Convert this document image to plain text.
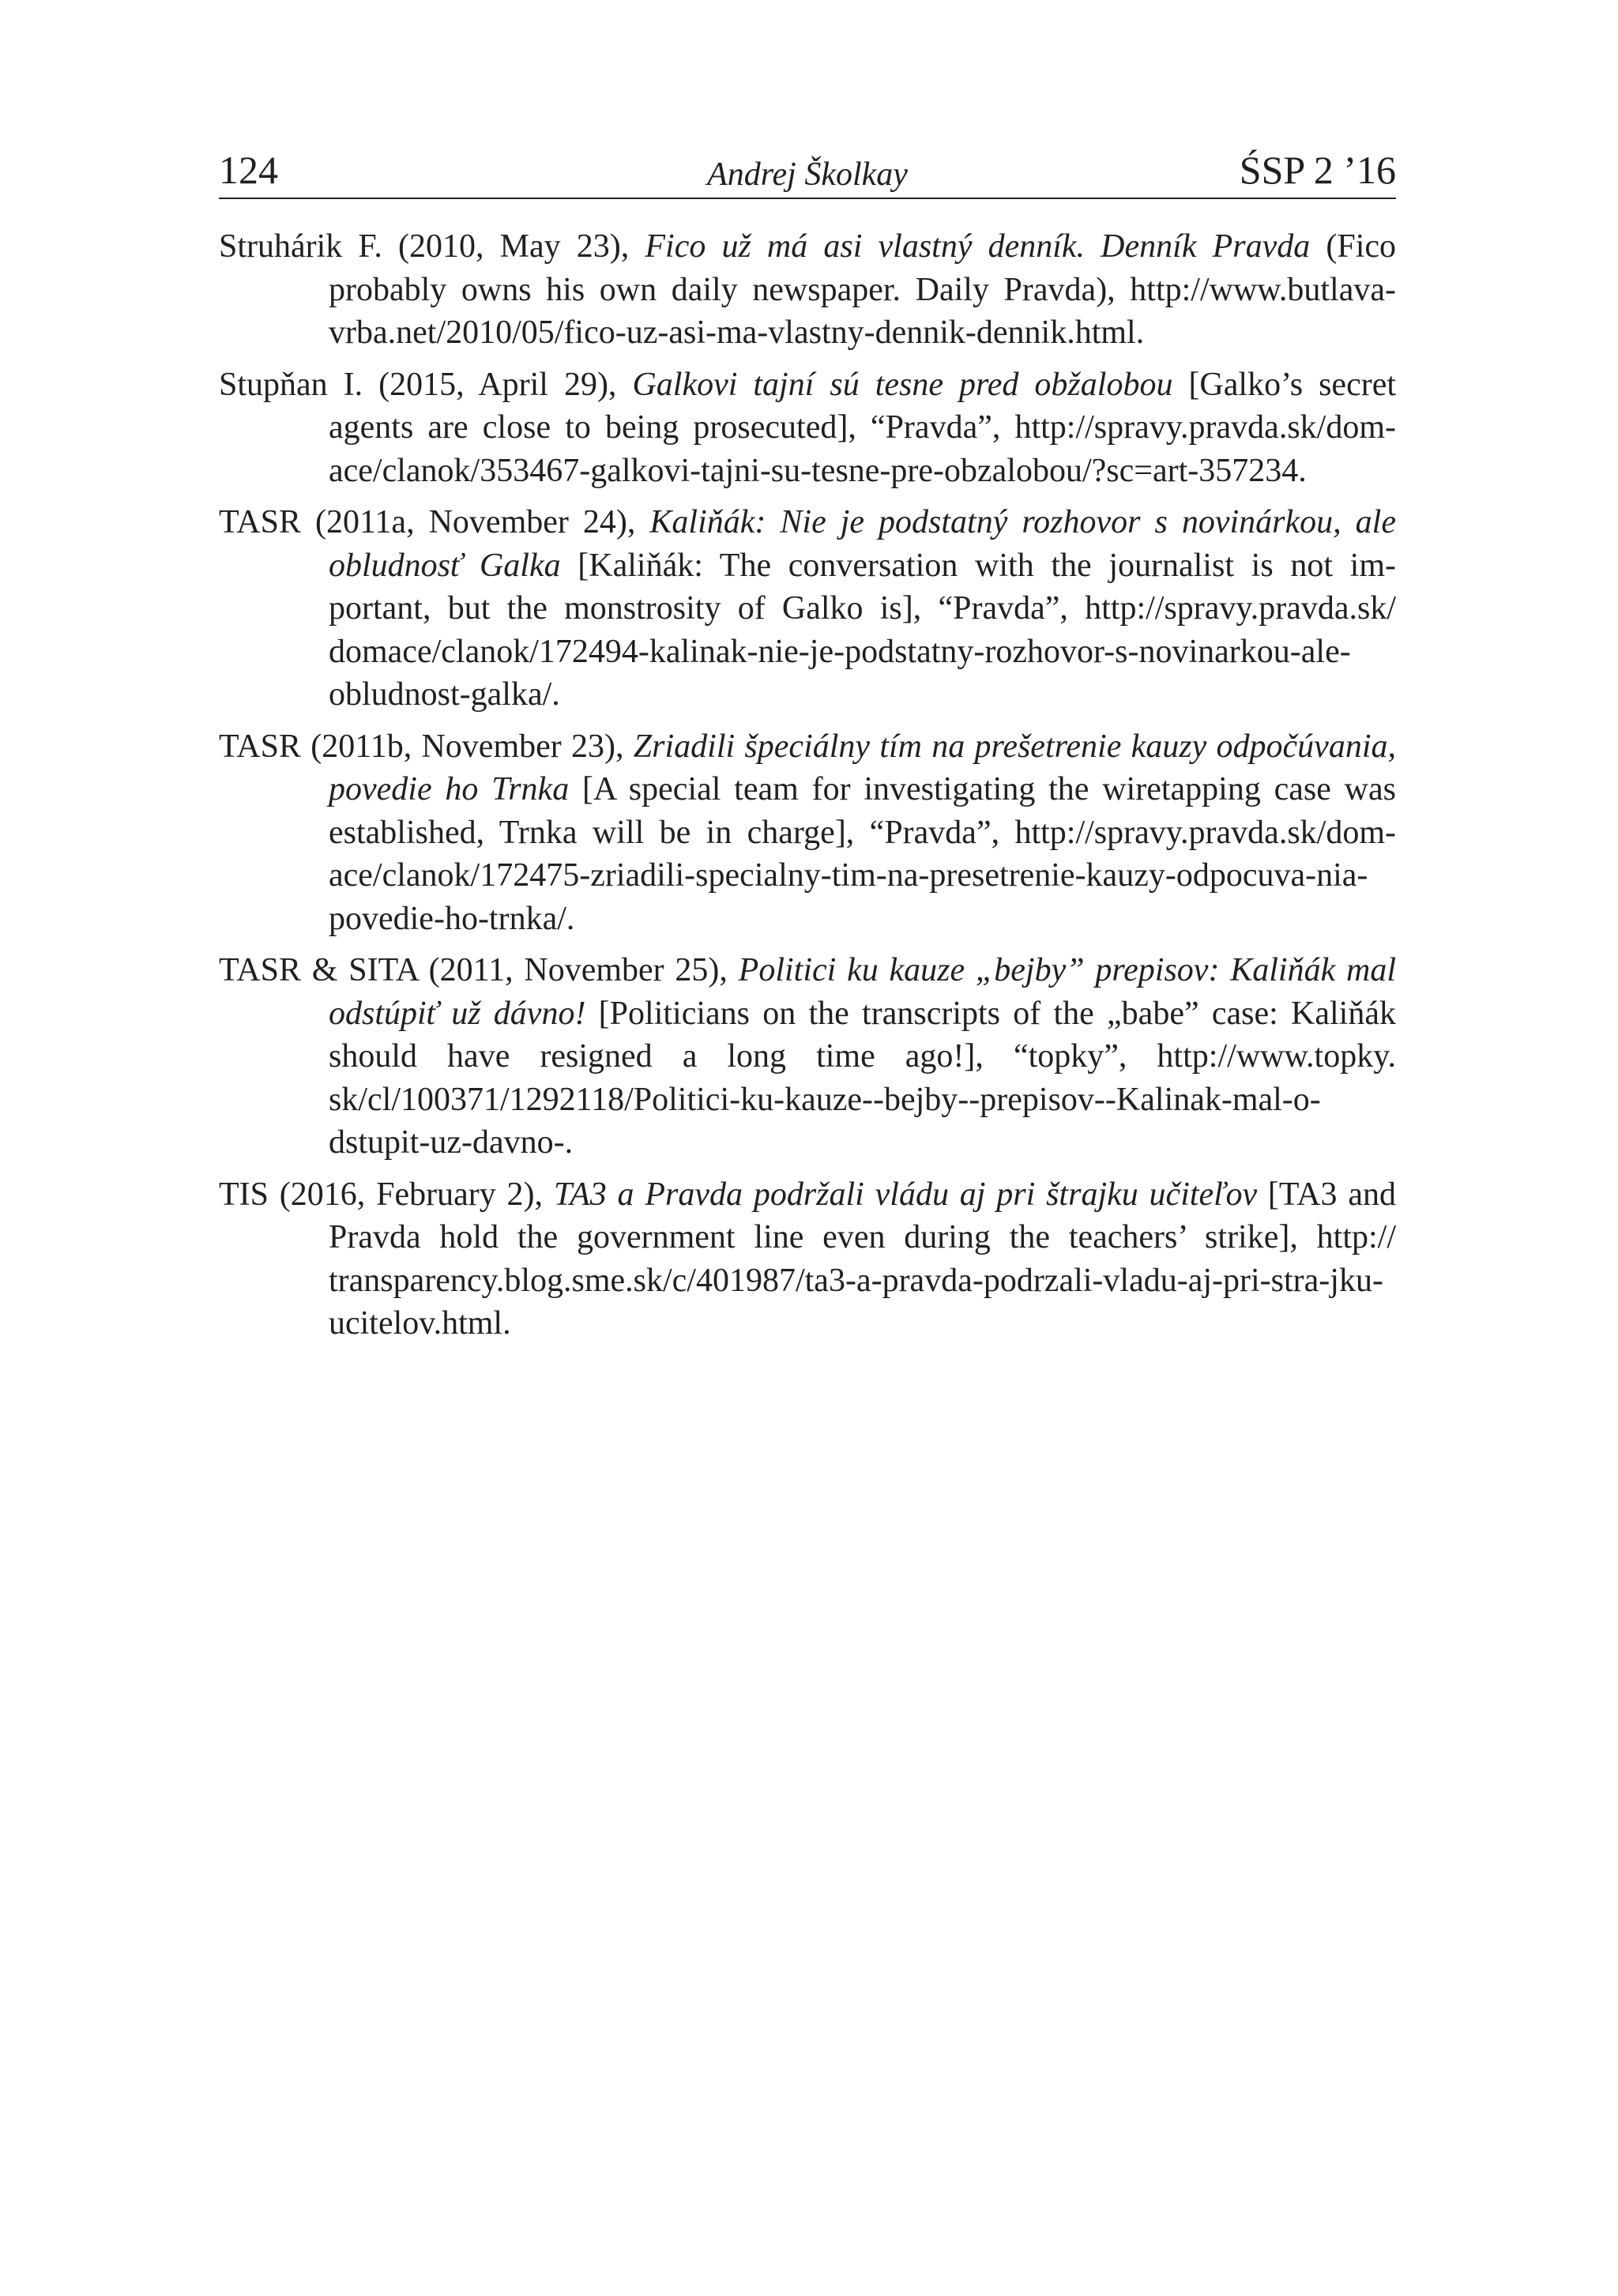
124	Andrej Školkay	ŚSP 2 ’16

Struhárik F. (2010, May 23), Fico už má asi vlastný denník. Denník Pravda (Fico probably owns his own daily newspaper. Daily Pravda), http://www.butlava-vrba.net/2010/05/fico-uz-asi-ma-vlastny-dennik-dennik.html.

Stupňan I. (2015, April 29), Galkovi tajní sú tesne pred obžalobou [Galko’s secret agents are close to being prosecuted], “Pravda”, http://spravy.pravda.sk/dom-ace/clanok/353467-galkovi-tajni-su-tesne-pre-obzalobou/?sc=art-357234.

TASR (2011a, November 24), Kaliňák: Nie je podstatný rozhovor s novinárkou, ale obludnosť Galka [Kaliňák: The conversation with the journalist is not im-portant, but the monstrosity of Galko is], “Pravda”, http://spravy.pravda.sk/ domace/clanok/172494-kalinak-nie-je-podstatny-rozhovor-s-novinarkou-ale-obludnost-galka/.

TASR (2011b, November 23), Zriadili špeciálny tím na prešetrenie kauzy odpočúvania, povedie ho Trnka [A special team for investigating the wiretapping case was established, Trnka will be in charge], “Pravda”, http://spravy.pravda.sk/dom-ace/clanok/172475-zriadili-specialny-tim-na-presetrenie-kauzy-odpocuva-nia-povedie-ho-trnka/.

TASR & SITA (2011, November 25), Politici ku kauze „bejby” prepisov: Kaliňák mal odstúpiť už dávno! [Politicians on the transcripts of the „babe” case: Kaliňák should have resigned a long time ago!], “topky”, http://www.topky. sk/cl/100371/1292118/Politici-ku-kauze--bejby--prepisov--Kalinak-mal-o-dstupit-uz-davno-.

TIS (2016, February 2), TA3 a Pravda podržali vládu aj pri štrajku učiteľov [TA3 and Pravda hold the government line even during the teachers’ strike], http:// transparency.blog.sme.sk/c/401987/ta3-a-pravda-podrzali-vladu-aj-pri-stra-jku-ucitelov.html.
